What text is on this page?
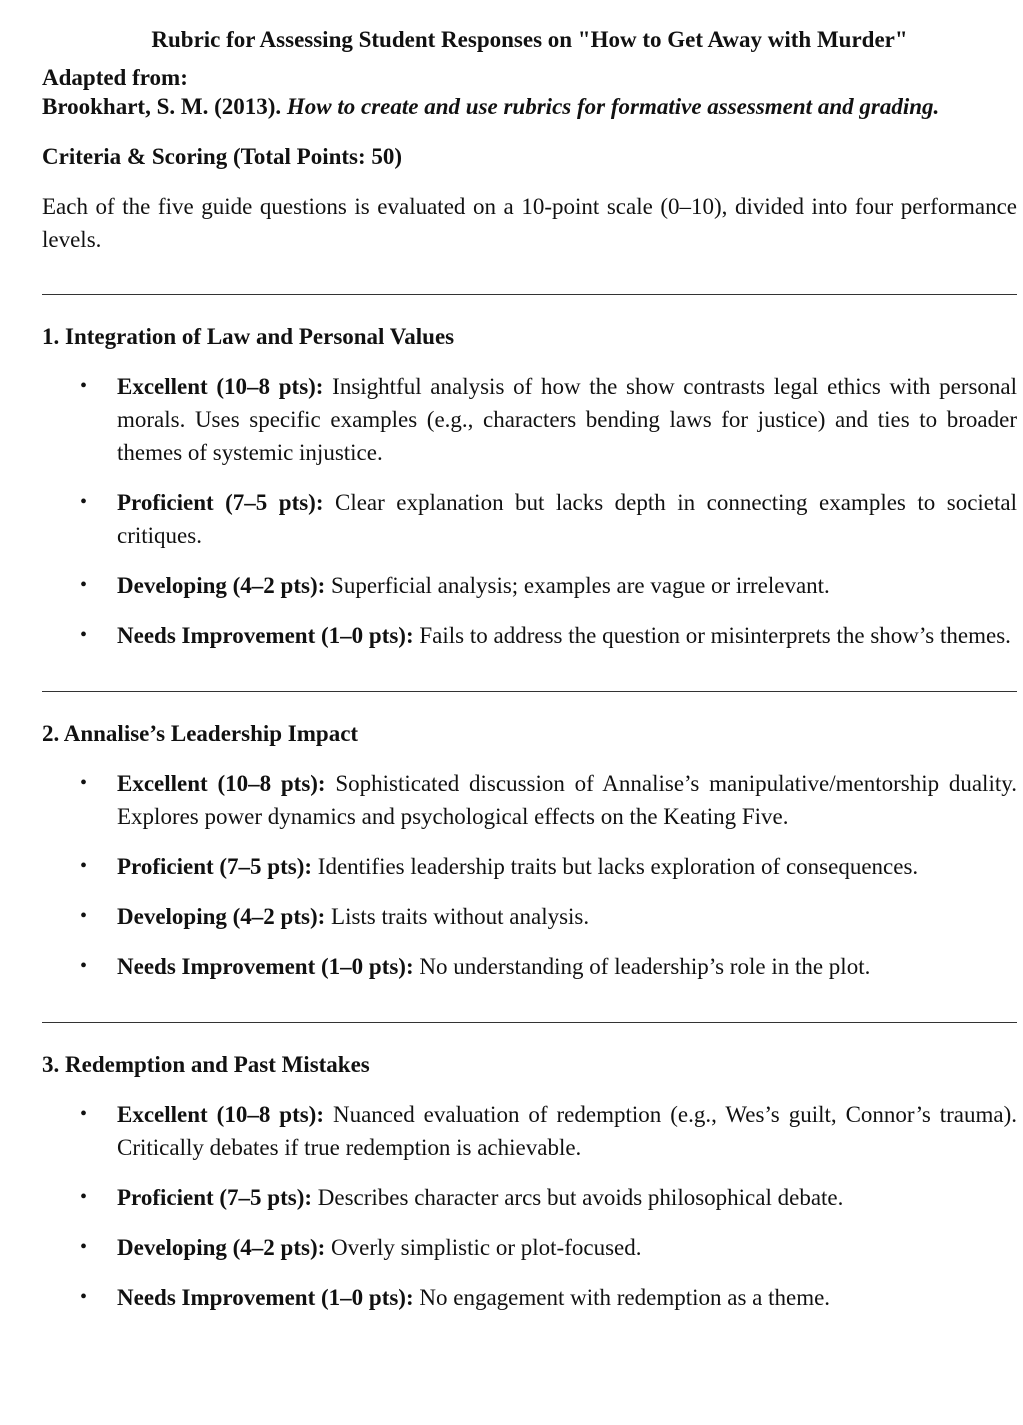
Rubric for Assessing Student Responses on "How to Get Away with Murder"
Adapted from:
Brookhart, S. M. (2013). How to create and use rubrics for formative assessment and grading.
Criteria & Scoring (Total Points: 50)
Each of the five guide questions is evaluated on a 10-point scale (0–10), divided into four performance levels.
1. Integration of Law and Personal Values
• Excellent (10–8 pts): Insightful analysis of how the show contrasts legal ethics with personal morals. Uses specific examples (e.g., characters bending laws for justice) and ties to broader themes of systemic injustice.
• Proficient (7–5 pts): Clear explanation but lacks depth in connecting examples to societal critiques.
• Developing (4–2 pts): Superficial analysis; examples are vague or irrelevant.
• Needs Improvement (1–0 pts): Fails to address the question or misinterprets the show’s themes.
2. Annalise’s Leadership Impact
• Excellent (10–8 pts): Sophisticated discussion of Annalise’s manipulative/mentorship duality. Explores power dynamics and psychological effects on the Keating Five.
• Proficient (7–5 pts): Identifies leadership traits but lacks exploration of consequences.
• Developing (4–2 pts): Lists traits without analysis.
• Needs Improvement (1–0 pts): No understanding of leadership’s role in the plot.
3. Redemption and Past Mistakes
• Excellent (10–8 pts): Nuanced evaluation of redemption (e.g., Wes’s guilt, Connor’s trauma). Critically debates if true redemption is achievable.
• Proficient (7–5 pts): Describes character arcs but avoids philosophical debate.
• Developing (4–2 pts): Overly simplistic or plot-focused.
• Needs Improvement (1–0 pts): No engagement with redemption as a theme.
